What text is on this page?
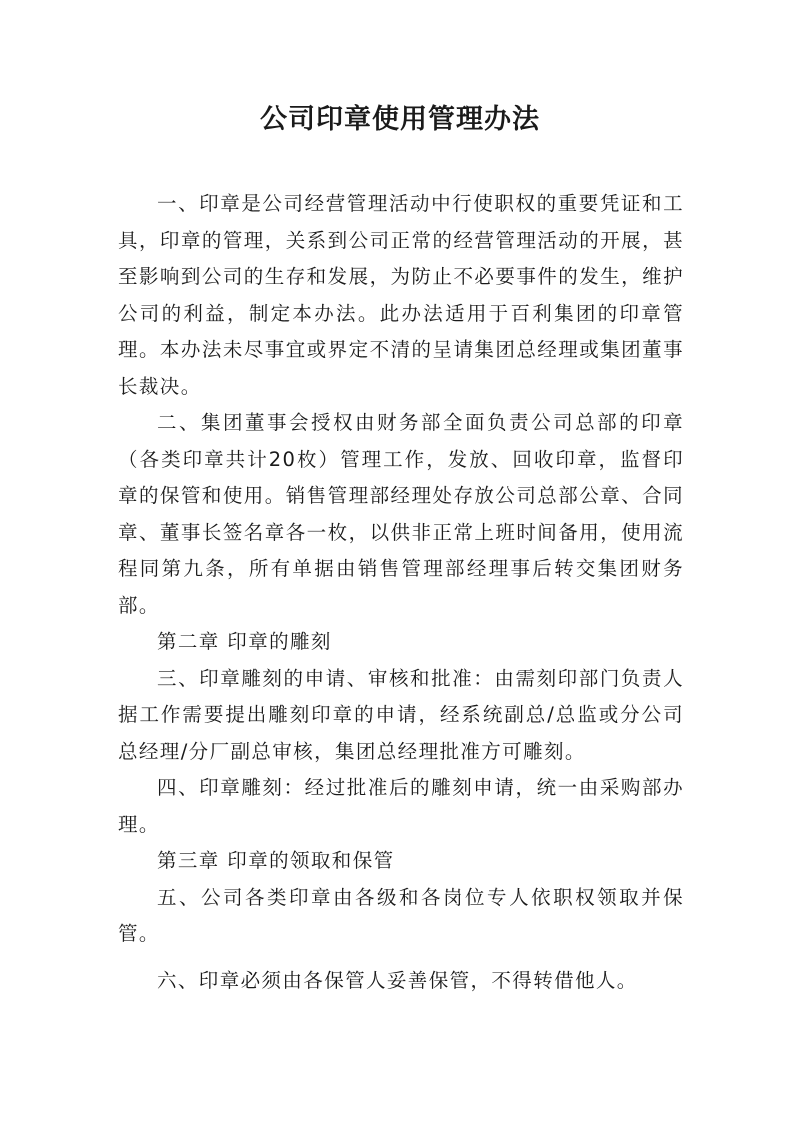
公司印章使用管理办法

一、印章是公司经营管理活动中行使职权的重要凭证和工具，印章的管理，关系到公司正常的经营管理活动的开展，甚至影响到公司的生存和发展，为防止不必要事件的发生，维护公司的利益，制定本办法。此办法适用于百利集团的印章管理。本办法未尽事宜或界定不清的呈请集团总经理或集团董事长裁决。

二、集团董事会授权由财务部全面负责公司总部的印章（各类印章共计20枚）管理工作，发放、回收印章，监督印章的保管和使用。销售管理部经理处存放公司总部公章、合同章、董事长签名章各一枚，以供非正常上班时间备用，使用流程同第九条，所有单据由销售管理部经理事后转交集团财务部。

第二章 印章的雕刻

三、印章雕刻的申请、审核和批准：由需刻印部门负责人据工作需要提出雕刻印章的申请，经系统副总/总监或分公司总经理/分厂副总审核，集团总经理批准方可雕刻。

四、印章雕刻：经过批准后的雕刻申请，统一由采购部办理。

第三章 印章的领取和保管

五、公司各类印章由各级和各岗位专人依职权领取并保管。

六、印章必须由各保管人妥善保管，不得转借他人。
